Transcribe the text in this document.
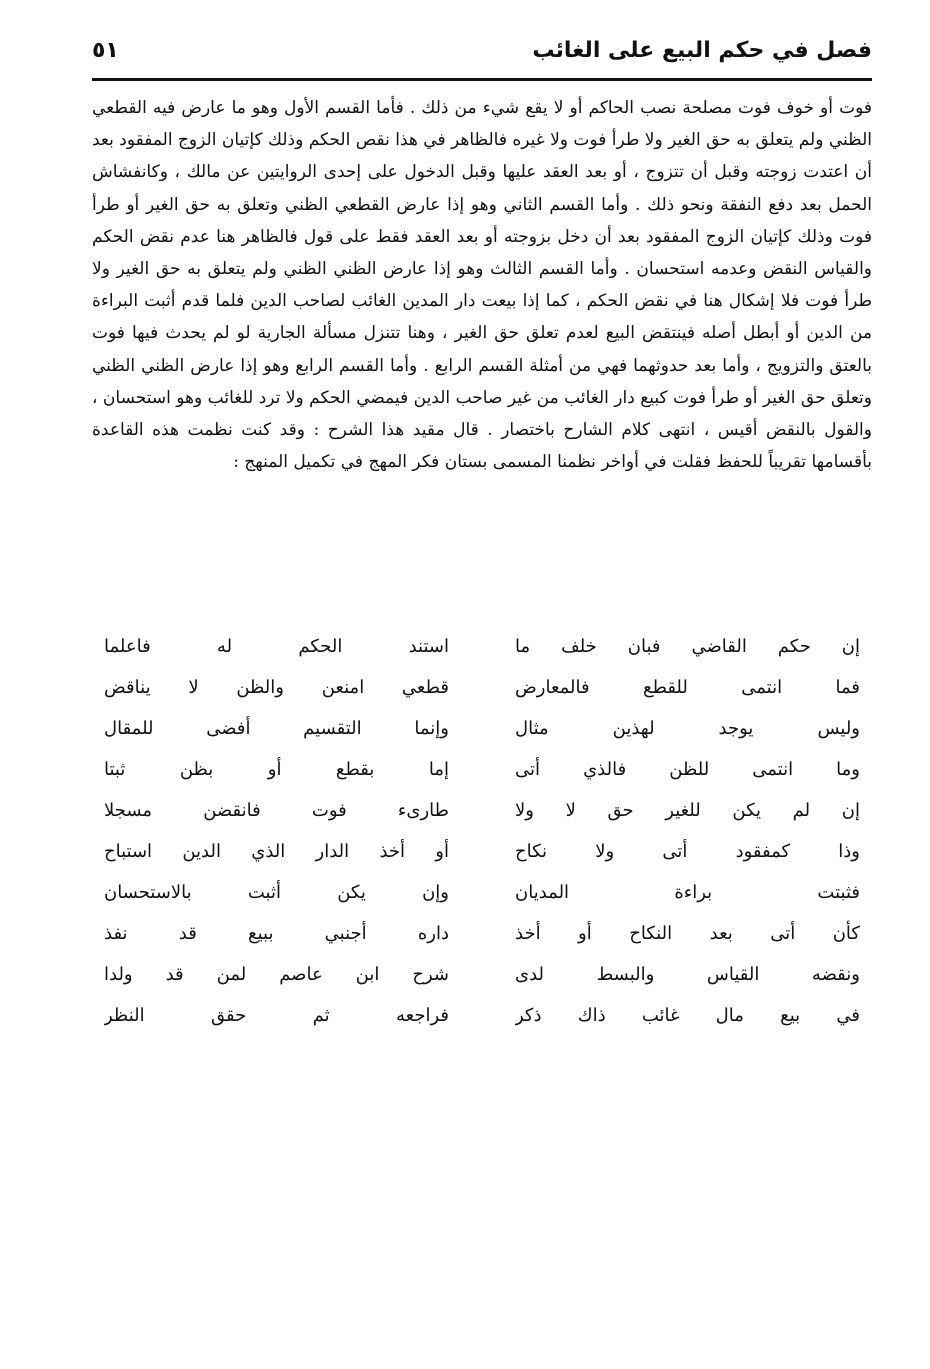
فصل في حكم البيع على الغائب
٥١
فوت أو خوف فوت مصلحة نصب الحاكم أو لا يقع شيء من ذلك . فأما القسم الأول وهو ما عارض فيه القطعي الظني ولم يتعلق به حق الغير ولا طرأ فوت ولا غيره فالظاهر في هذا نقص الحكم وذلك كإتيان الزوج المفقود بعد أن اعتدت زوجته وقبل أن تتزوج ، أو بعد العقد عليها وقبل الدخول على إحدى الروايتين عن مالك ، وكانفشاش الحمل بعد دفع النفقة ونحو ذلك . وأما القسم الثاني وهو إذا عارض القطعي الظني وتعلق به حق الغير أو طرأ فوت وذلك كإتيان الزوج المفقود بعد أن دخل بزوجته أو بعد العقد فقط على قول فالظاهر هنا عدم نقض الحكم والقياس النقض وعدمه استحسان . وأما القسم الثالث وهو إذا عارض الظني الظني ولم يتعلق به حق الغير ولا طرأ فوت فلا إشكال هنا في نقض الحكم ، كما إذا بيعت دار المدين الغائب لصاحب الدين فلما قدم أثبت البراءة من الدين أو أبطل أصله فينتقض البيع لعدم تعلق حق الغير ، وهنا تتنزل مسألة الجارية لو لم يحدث فيها فوت بالعتق والتزويج ، وأما بعد حدوثهما فهي من أمثلة القسم الرابع . وأما القسم الرابع وهو إذا عارض الظني الظني وتعلق حق الغير أو طرأ فوت كبيع دار الغائب من غير صاحب الدين فيمضي الحكم ولا ترد للغائب وهو استحسان ، والقول بالنقض أقيس ، انتهى كلام الشارح باختصار . قال مقيد هذا الشرح : وقد كنت نظمت هذه القاعدة بأقسامها تقريباً للحفظ فقلت في أواخر نظمنا المسمى بستان فكر المهج في تكميل المنهج :
إن حكم القاضي فبان خلف ما
استند الحكم له فاعلما
فما انتمى للقطع فالمعارض
قطعي امنعن والظن لا يناقض
وليس يوجد لهذين مثال
وإنما التقسيم أفضى للمقال
وما انتمى للظن فالذي أتى
إما بقطع أو بظن ثبتا
إن لم يكن للغير حق لا ولا
طارىء فوت فانقضن مسجلا
وذا كمفقود أتى ولا نكاح
أو أخذ الدار الذي الدين استباح
فثبتت براءة المديان
وإن يكن أثبت بالاستحسان
كأن أتى بعد النكاح أو أخذ
داره أجنبي ببيع قد نفذ
ونقضه القياس والبسط لدى
شرح ابن عاصم لمن قد ولدا
في بيع مال غائب ذاك ذكر
فراجعه ثم حقق النظر
